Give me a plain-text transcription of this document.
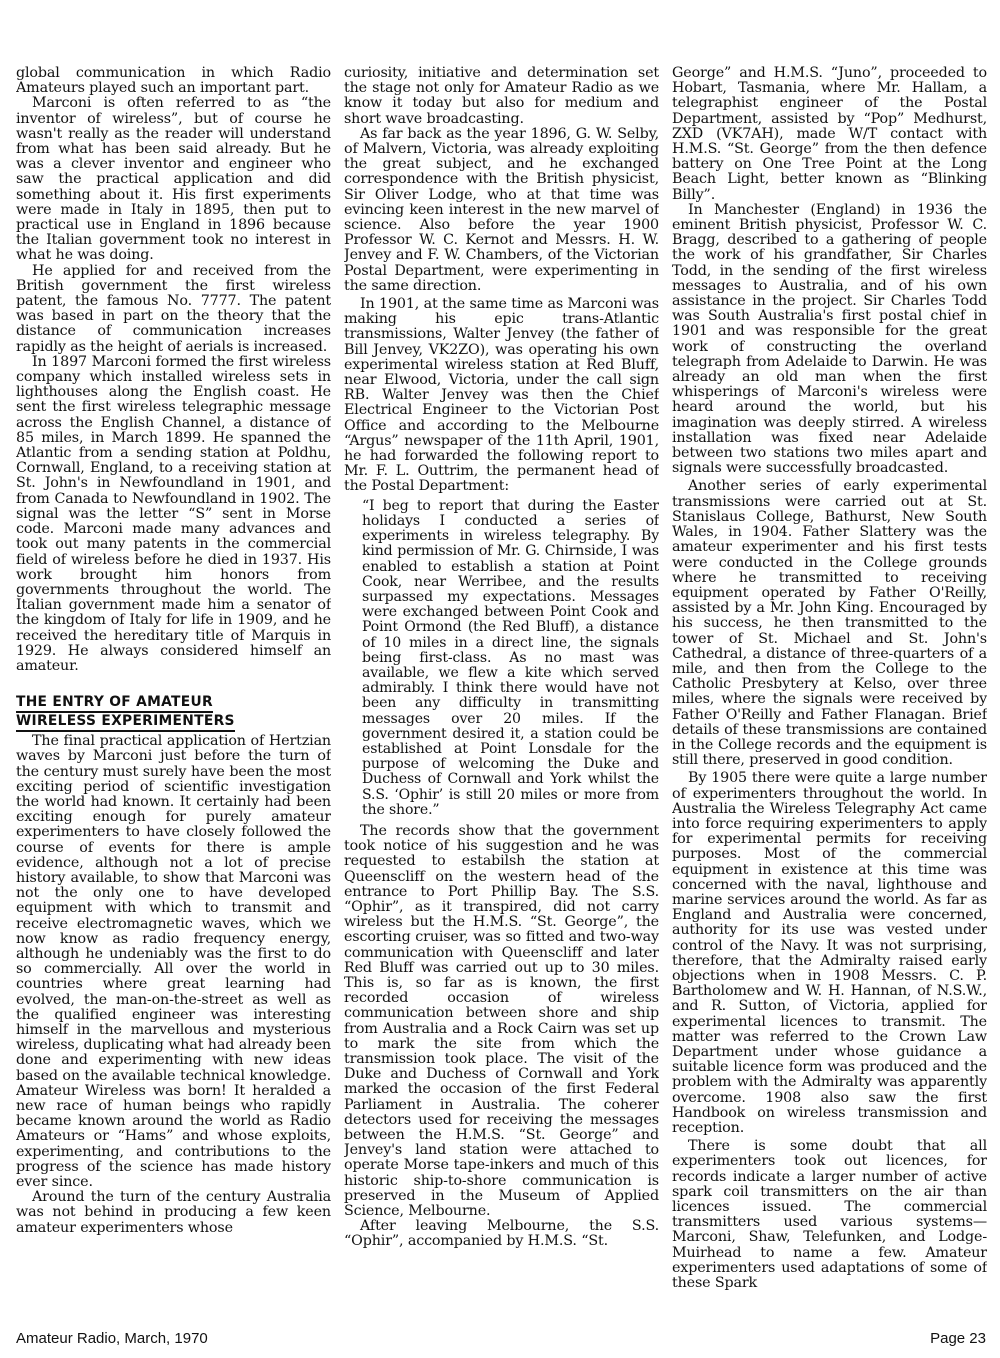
global communication in which Radio Amateurs played such an important part.

Marconi is often referred to as “the inventor of wireless”, but of course he wasn't really as the reader will understand from what has been said already. But he was a clever inventor and engineer who saw the practical application and did something about it. His first experiments were made in Italy in 1895, then put to practical use in England in 1896 because the Italian government took no interest in what he was doing.

He applied for and received from the British government the first wireless patent, the famous No. 7777. The patent was based in part on the theory that the distance of communication increases rapidly as the height of aerials is increased.

In 1897 Marconi formed the first wireless company which installed wireless sets in lighthouses along the English coast. He sent the first wireless telegraphic message across the English Channel, a distance of 85 miles, in March 1899. He spanned the Atlantic from a sending station at Poldhu, Cornwall, England, to a receiving station at St. John's in Newfoundland in 1901, and from Canada to Newfoundland in 1902. The signal was the letter “S” sent in Morse code. Marconi made many advances and took out many patents in the commercial field of wireless before he died in 1937. His work brought him honors from governments throughout the world. The Italian government made him a senator of the kingdom of Italy for life in 1909, and he received the hereditary title of Marquis in 1929. He always considered himself an amateur.

THE ENTRY OF AMATEUR
WIRELESS EXPERIMENTERS

The final practical application of Hertzian waves by Marconi just before the turn of the century must surely have been the most exciting period of scientific investigation the world had known. It certainly had been exciting enough for purely amateur experimenters to have closely followed the course of events for there is ample evidence, although not a lot of precise history available, to show that Marconi was not the only one to have developed equipment with which to transmit and receive electromagnetic waves, which we now know as radio frequency energy, although he undeniably was the first to do so commercially. All over the world in countries where great learning had evolved, the man-on-the-street as well as the qualified engineer was interesting himself in the marvellous and mysterious wireless, duplicating what had already been done and experimenting with new ideas based on the available technical knowledge. Amateur Wireless was born! It heralded a new race of human beings who rapidly became known around the world as Radio Amateurs or “Hams” and whose exploits, experimenting, and contributions to the progress of the science has made history ever since.

Around the turn of the century Australia was not behind in producing a few keen amateur experimenters whose

curiosity, initiative and determination set the stage not only for Amateur Radio as we know it today but also for medium and short wave broadcasting.

As far back as the year 1896, G. W. Selby, of Malvern, Victoria, was already exploiting the great subject, and he exchanged correspondence with the British physicist, Sir Oliver Lodge, who at that time was evincing keen interest in the new marvel of science. Also before the year 1900 Professor W. C. Kernot and Messrs. H. W. Jenvey and F. W. Chambers, of the Victorian Postal Department, were experimenting in the same direction.

In 1901, at the same time as Marconi was making his epic trans-Atlantic transmissions, Walter Jenvey (the father of Bill Jenvey, VK2ZO), was operating his own experimental wireless station at Red Bluff, near Elwood, Victoria, under the call sign RB. Walter Jenvey was then the Chief Electrical Engineer to the Victorian Post Office and according to the Melbourne “Argus” newspaper of the 11th April, 1901, he had forwarded the following report to Mr. F. L. Outtrim, the permanent head of the Postal Department:

“I beg to report that during the Easter holidays I conducted a series of experiments in wireless telegraphy. By kind permission of Mr. G. Chirnside, I was enabled to establish a station at Point Cook, near Werribee, and the results surpassed my expectations. Messages were exchanged between Point Cook and Point Ormond (the Red Bluff), a distance of 10 miles in a direct line, the signals being first-class. As no mast was available, we flew a kite which served admirably. I think there would have not been any difficulty in transmitting messages over 20 miles. If the government desired it, a station could be established at Point Lonsdale for the purpose of welcoming the Duke and Duchess of Cornwall and York whilst the S.S. ‘Ophir’ is still 20 miles or more from the shore.”

The records show that the government took notice of his suggestion and he was requested to estabilsh the station at Queenscliff on the western head of the entrance to Port Phillip Bay. The S.S. “Ophir”, as it transpired, did not carry wireless but the H.M.S. “St. George”, the escorting cruiser, was so fitted and two-way communication with Queenscliff and later Red Bluff was carried out up to 30 miles. This is, so far as is known, the first recorded occasion of wireless communication between shore and ship from Australia and a Rock Cairn was set up to mark the site from which the transmission took place. The visit of the Duke and Duchess of Cornwall and York marked the occasion of the first Federal Parliament in Australia. The coherer detectors used for receiving the messages between the H.M.S. “St. George” and Jenvey's land station were attached to operate Morse tape-inkers and much of this historic ship-to-shore communication is preserved in the Museum of Applied Science, Melbourne.

After leaving Melbourne, the S.S. “Ophir”, accompanied by H.M.S. “St.

George” and H.M.S. “Juno”, proceeded to Hobart, Tasmania, where Mr. Hallam, a telegraphist engineer of the Postal Department, assisted by “Pop” Medhurst, ZXD (VK7AH), made W/T contact with H.M.S. “St. George” from the then defence battery on One Tree Point at the Long Beach Light, better known as “Blinking Billy”.

In Manchester (England) in 1936 the eminent British physicist, Professor W. C. Bragg, described to a gathering of people the work of his grandfather, Sir Charles Todd, in the sending of the first wireless messages to Australia, and of his own assistance in the project. Sir Charles Todd was South Australia's first postal chief in 1901 and was responsible for the great work of constructing the overland telegraph from Adelaide to Darwin. He was already an old man when the first whisperings of Marconi's wireless were heard around the world, but his imagination was deeply stirred. A wireless installation was fixed near Adelaide between two stations two miles apart and signals were successfully broadcasted.

Another series of early experimental transmissions were carried out at St. Stanislaus College, Bathurst, New South Wales, in 1904. Father Slattery was the amateur experimenter and his first tests were conducted in the College grounds where he transmitted to receiving equipment operated by Father O'Reilly, assisted by a Mr. John King. Encouraged by his success, he then transmitted to the tower of St. Michael and St. John's Cathedral, a distance of three-quarters of a mile, and then from the College to the Catholic Presbytery at Kelso, over three miles, where the signals were received by Father O'Reilly and Father Flanagan. Brief details of these transmissions are contained in the College records and the equipment is still there, preserved in good condition.

By 1905 there were quite a large number of experimenters throughout the world. In Australia the Wireless Telegraphy Act came into force requiring experimenters to apply for experimental permits for receiving purposes. Most of the commercial equipment in existence at this time was concerned with the naval, lighthouse and marine services around the world. As far as England and Australia were concerned, authority for its use was vested under control of the Navy. It was not surprising, therefore, that the Admiralty raised early objections when in 1908 Messrs. C. P. Bartholomew and W. H. Hannan, of N.S.W., and R. Sutton, of Victoria, applied for experimental licences to transmit. The matter was referred to the Crown Law Department under whose guidance a suitable licence form was produced and the problem with the Admiralty was apparently overcome. 1908 also saw the first Handbook on wireless transmission and reception.

There is some doubt that all experimenters took out licences, for records indicate a larger number of active spark coil transmitters on the air than licences issued. The commercial transmitters used various systems—Marconi, Shaw, Telefunken, and Lodge-Muirhead to name a few. Amateur experimenters used adaptations of some of these Spark

Amateur Radio, March, 1970	Page 23
